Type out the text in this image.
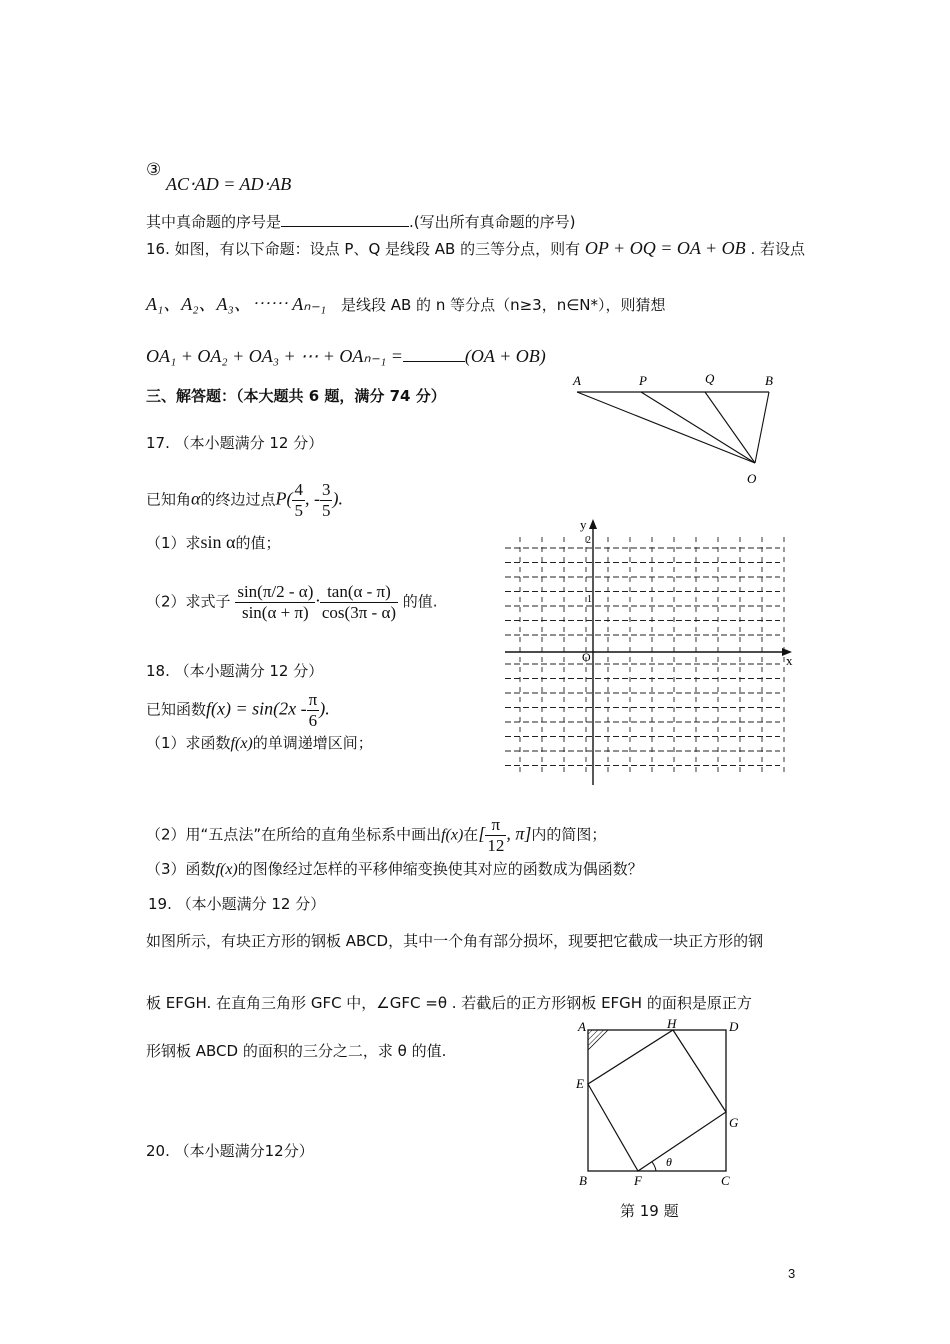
③
AC⋅AD = AD⋅AB
其中真命题的序号是	.(写出所有真命题的序号)
16. 如图，有以下命题：设点 P、Q 是线段 AB 的三等分点，则有 OP + OQ = OA + OB . 若设点
A₁、A₂、A₃、⋯⋯ Aₙ₋₁ 是线段 AB 的 n 等分点（n≥3，n∈N*），则猜想
OA₁ + OA₂ + OA₃ + ⋯ + OAₙ₋₁ =	(OA + OB)
A	P	Q	B
O
三、解答题：（本大题共 6 题，满分 74 分）
17. （本小题满分 12 分）
已知角α的终边过点$P( \frac{4}{5}$ , - $\frac{3}{5}$ ).
（1）求sin α的值；
（2）求式子 $\frac{\sin(\pi/2 - \alpha)}{\sin(\alpha + \pi)} \cdot \frac{\tan(\alpha - \pi)}{\cos(3\pi - \alpha)}$ 的值.
18. （本小题满分 12 分）
已知函数$f(x) = \sin(2x - \frac{\pi}{6}$ ).
（1）求函数f(x)的单调递增区间；
y
x
O
2
1
（2）用“五点法”在所给的直角坐标系中画出f(x)在[ $\frac{\pi}{12}$ , π]内的简图；
（3）函数f(x)的图像经过怎样的平移伸缩变换使其对应的函数成为偶函数？
19. （本小题满分 12 分）
如图所示，有块正方形的钢板 ABCD，其中一个角有部分损坏，现要把它截成一块正方形的钢
板 EFGH. 在直角三角形 GFC 中，∠GFC =θ . 若截后的正方形钢板 EFGH 的面积是原正方
形钢板 ABCD 的面积的三分之二，求 θ 的值.
A	H	D
E
G
B	F	C
θ
第 19 题
20. （本小题满分12分）
3
